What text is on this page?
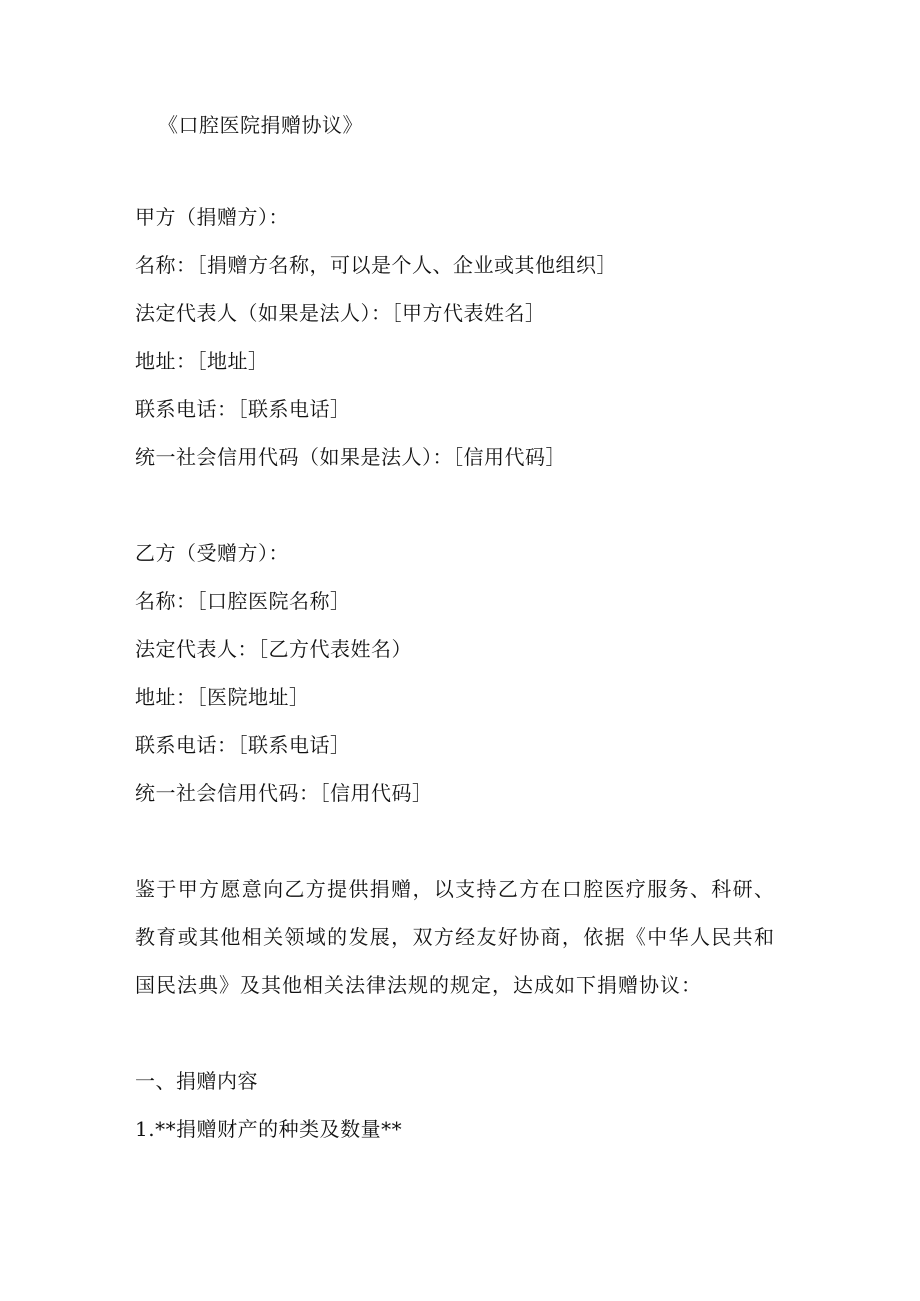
《口腔医院捐赠协议》
甲方（捐赠方）：
名称：［捐赠方名称，可以是个人、企业或其他组织］
法定代表人（如果是法人）：［甲方代表姓名］
地址：［地址］
联系电话：［联系电话］
统一社会信用代码（如果是法人）：［信用代码］
乙方（受赠方）：
名称：［口腔医院名称］
法定代表人：［乙方代表姓名）
地址：［医院地址］
联系电话：［联系电话］
统一社会信用代码：［信用代码］
鉴于甲方愿意向乙方提供捐赠，以支持乙方在口腔医疗服务、科研、教育或其他相关领域的发展，双方经友好协商，依据《中华人民共和国民法典》及其他相关法律法规的规定，达成如下捐赠协议：
一、捐赠内容
1.**捐赠财产的种类及数量**
